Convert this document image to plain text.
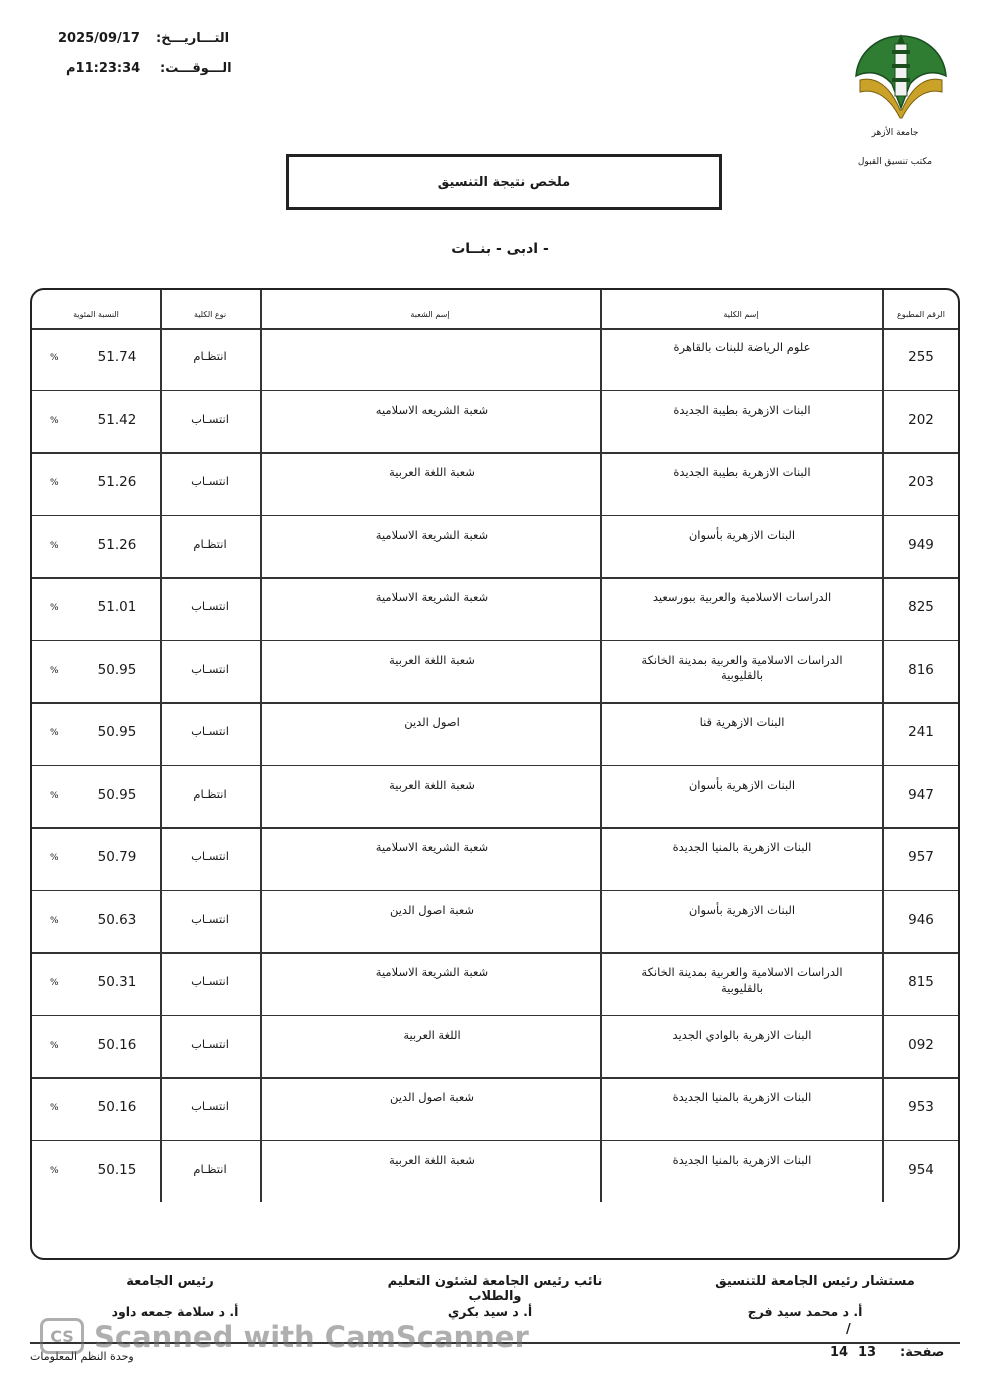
التـــاريـــخ:
2025/09/17
الـــوقـــت:
11:23:34م
جامعة الأزهر
مكتب تنسيق القبول
ملخص نتيجة التنسيق
- ادبى - بنــات
الرقم المطبوع
إسم الكلية
إسم الشعبة
نوع الكلية
النسبة المئوية
255
علوم الرياضة للبنات بالقاهرة
انتظـام
51.74
%
202
البنات الازهرية بطيبة الجديدة
شعبة الشريعه الاسلاميه
انتسـاب
51.42
%
203
البنات الازهرية بطيبة الجديدة
شعبة اللغة العربية
انتسـاب
51.26
%
949
البنات الازهرية بأسوان
شعبة الشريعة الاسلامية
انتظـام
51.26
%
825
الدراسات الاسلامية والعربية ببورسعيد
شعبة الشريعة الاسلامية
انتسـاب
51.01
%
816
الدراسات الاسلامية والعربية بمدينة الخانكة بالقليوبية
شعبة اللغة العربية
انتسـاب
50.95
%
241
البنات الازهرية قنا
اصول الدين
انتسـاب
50.95
%
947
البنات الازهرية بأسوان
شعبة اللغة العربية
انتظـام
50.95
%
957
البنات الازهرية بالمنيا الجديدة
شعبة الشريعة الاسلامية
انتسـاب
50.79
%
946
البنات الازهرية بأسوان
شعبة اصول الدين
انتسـاب
50.63
%
815
الدراسات الاسلامية والعربية بمدينة الخانكة بالقليوبية
شعبة الشريعة الاسلامية
انتسـاب
50.31
%
092
البنات الازهرية بالوادي الجديد
اللغة العربية
انتسـاب
50.16
%
953
البنات الازهرية بالمنيا الجديدة
شعبة اصول الدين
انتسـاب
50.16
%
954
البنات الازهرية بالمنيا الجديدة
شعبة اللغة العربية
انتظـام
50.15
%
رئيس الجامعة
أ. د سلامة جمعه داود
نائب رئيس الجامعة لشئون التعليم والطلاب
أ. د سيد بكري
مستشار رئيس الجامعة للتنسيق
أ. د محمد سيد فرج
/
صفحة:
13
14
وحدة النظم المعلومات
CS Scanned with CamScanner
